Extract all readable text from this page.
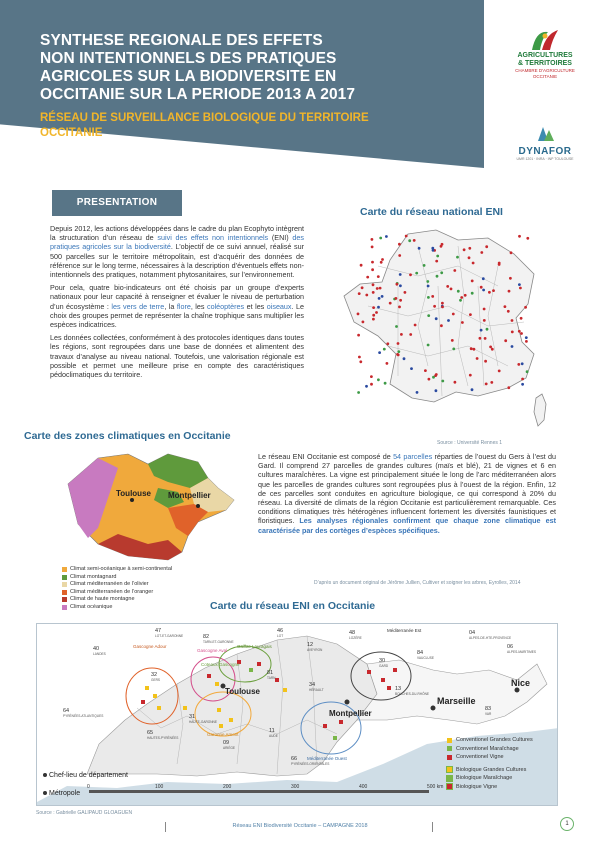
SYNTHESE REGIONALE DES EFFETS
NON INTENTIONNELS DES PRATIQUES
AGRICOLES SUR LA BIODIVERSITE EN
OCCITANIE SUR LA PERIODE 2013 A 2017
RÉSEAU DE SURVEILLANCE BIOLOGIQUE DU TERRITOIRE
OCCITANIE
AGRICULTURES
& TERRITOIRES
CHAMBRE D'AGRICULTURE
OCCITANIE
DYNAFOR
UMR 1201 · INRA · INP TOULOUSE
PRESENTATION

Depuis 2012, les actions développées dans le cadre du plan Ecophyto intègrent la structuration d’un réseau de suivi des effets non intentionnels (ENI) des pratiques agricoles sur la biodiversité. L’objectif de ce suivi annuel, réalisé sur 500 parcelles sur le territoire métropolitain, est d’acquérir des données de référence sur le long terme, nécessaires à la description d’éventuels effets non-intentionnels des pratiques, notamment phytosanitaires, sur l’environnement.

Pour cela, quatre bio-indicateurs ont été choisis par un groupe d’experts nationaux pour leur capacité à renseigner et évaluer le niveau de perturbation d’un écosystème : les vers de terre, la flore, les coléoptères et les oiseaux. Le choix des groupes permet de représenter la chaîne trophique sans multiplier les espèces indicatrices.

Les données collectées, conformément à des protocoles identiques dans toutes les régions, sont regroupées dans une base de données et alimentent des travaux d’analyse au niveau national. Toutefois, une valorisation régionale est possible et permet une meilleure prise en compte des caractéristiques pédoclimatiques du territoire.

Carte du réseau national ENI
Source : Université Rennes 1
Carte des zones climatiques en Occitanie
Toulouse Montpellier
Climat semi-océanique à semi-continental
Climat montagnard
Climat méditerranéen de l’olivier
Climat méditerranéen de l’oranger
Climat de haute montagne
Climat océanique
Le réseau ENI Occitanie est composé de 54 parcelles réparties de l’ouest du Gers à l’est du Gard. Il comprend 27 parcelles de grandes cultures (maïs et blé), 21 de vignes et 6 en cultures maraîchères. La vigne est principalement située le long de l’arc méditerranéen alors que les parcelles de grandes cultures sont regroupées plus à l’ouest de la région. Enfin, 12 de ces parcelles sont conduites en agriculture biologique, ce qui correspond à 20% du réseau. La diversité de climats de la région Occitanie est particulièrement remarquable. Ces conditions climatiques très hétérogènes influencent fortement les diversités faunistiques et floristiques. Les analyses régionales confirment que chaque zone climatique est caractérisée par des cortèges d’espèces spécifiques.
D’après un document original de Jérôme Jullien, Cultiver et soigner les arbres, Eyrolles, 2014
Carte du réseau ENI en Occitanie
Toulouse
Montpellier
Marseille
Nice
Gascogne Adour
Gascogne Aval
Coteaux Gascogne
Gaillac Lauragais
Garonne Amont
Méditerranée Est
Méditerranée Ouest
40
LANDES
47
LOT-ET-GARONNE	82
TARN-ET-GARONNE
46
LOT
12
AVEYRON
48
LOZÈRE
30
GARD
84
VAUCLUSE
04
ALPES-DE-HTE-PROVENCE
06
ALPES-MARITIMES
32
GERS
81
TARN
34
HÉRAULT	13
BOUCHES-DU-RHÔNE
64
PYRÉNÉES-ATLANTIQUES	31
HAUTE-GARONNE
65
HAUTES-PYRÉNÉES
09
ARIÈGE
11
AUDE
66
PYRÉNÉES-ORIENTALES
83
VAR
0	100	200	300	400	500 km
Conventionel Grandes Cultures
Conventionel Maraîchage
Conventionel Vigne
Biologique Grandes Cultures
Biologique Maraîchage
Biologique Vigne
Chef-lieu de département
Métropole
Source : Gabrielle GALIPAUD GLOAGUEN
Réseau ENI Biodiversité Occitanie – CAMPAGNE 2018	1
